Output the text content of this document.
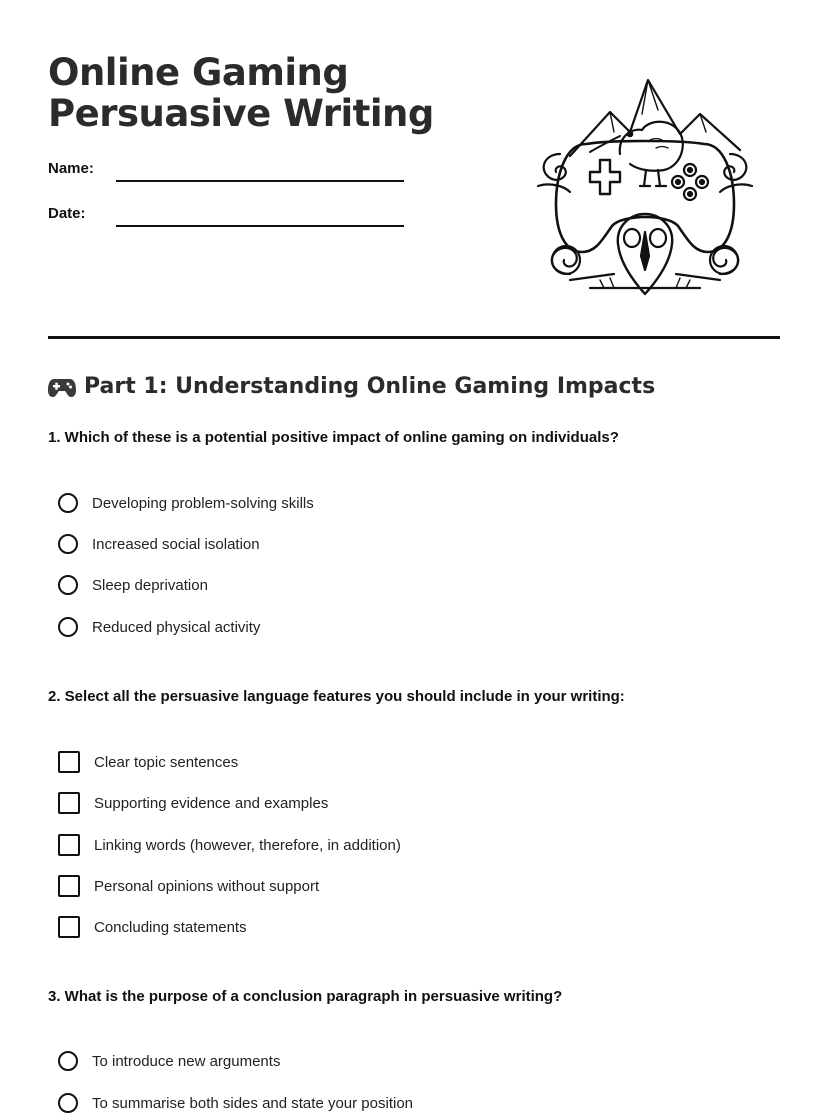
Online Gaming
Persuasive Writing
Name:
Date:
Part 1: Understanding Online Gaming Impacts
1. Which of these is a potential positive impact of online gaming on individuals?
Developing problem-solving skills
Increased social isolation
Sleep deprivation
Reduced physical activity
2. Select all the persuasive language features you should include in your writing:
Clear topic sentences
Supporting evidence and examples
Linking words (however, therefore, in addition)
Personal opinions without support
Concluding statements
3. What is the purpose of a conclusion paragraph in persuasive writing?
To introduce new arguments
To summarise both sides and state your position
